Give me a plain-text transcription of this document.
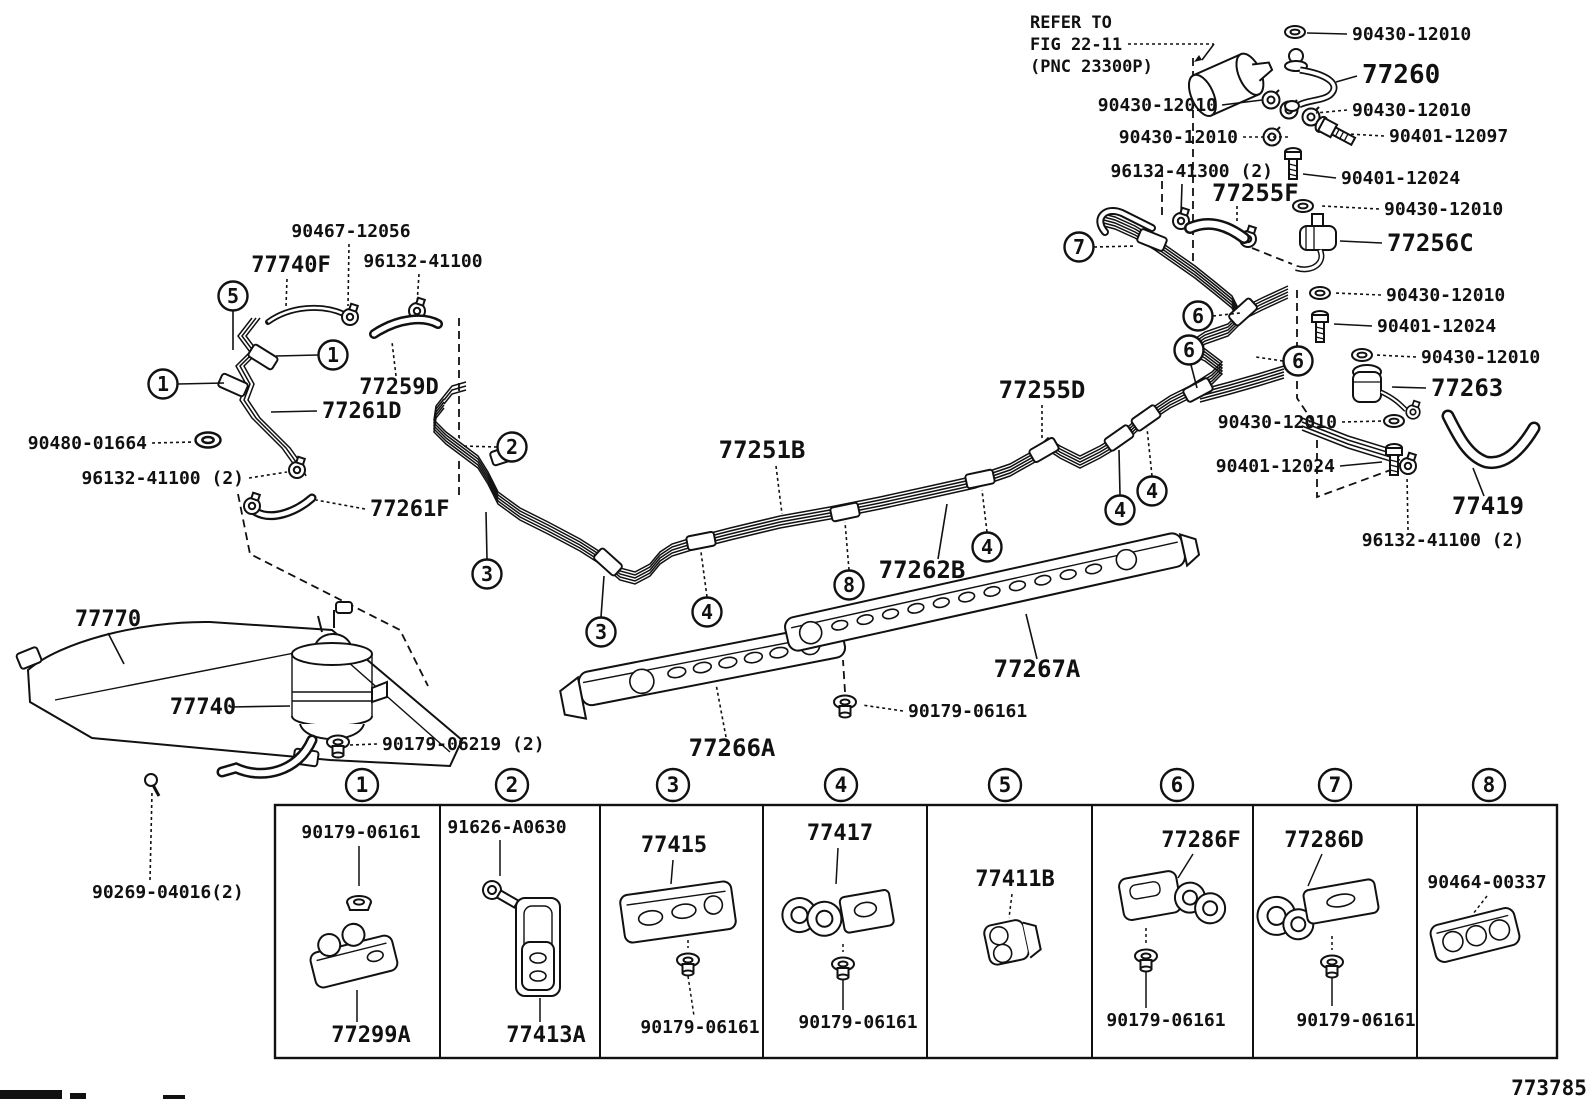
90430-12010
77260
90430-12010	90430-12010
90430-12010	90401-12097
96132-41300 (2)	90401-12024
77255F
90430-12010
77256C
90430-12010
90401-12024
90430-12010
77263
90430-12010
90401-12024
77419
96132-41100 (2)
77255D
77251B
77262B
77267A
77266A
90179-06161
90467-12056
77740F 96132-41100
77259D
77261D
90480-01664
96132-41100 (2)
77261F
77770
77740
90179-06219 (2)
90269-04016(2)
5
1
1
2
3
3
4
8
4
4
4
7
6
6	6
1
90179-06161
77299A
2
91626-A0630
77413A
3
77415
90179-06161
4
77417
90179-06161
5
77411B
6
77286F
90179-06161
7
77286D
90179-06161
8
90464-00337
REFER TO
FIG 22-11
(PNC 23300P)
773785
